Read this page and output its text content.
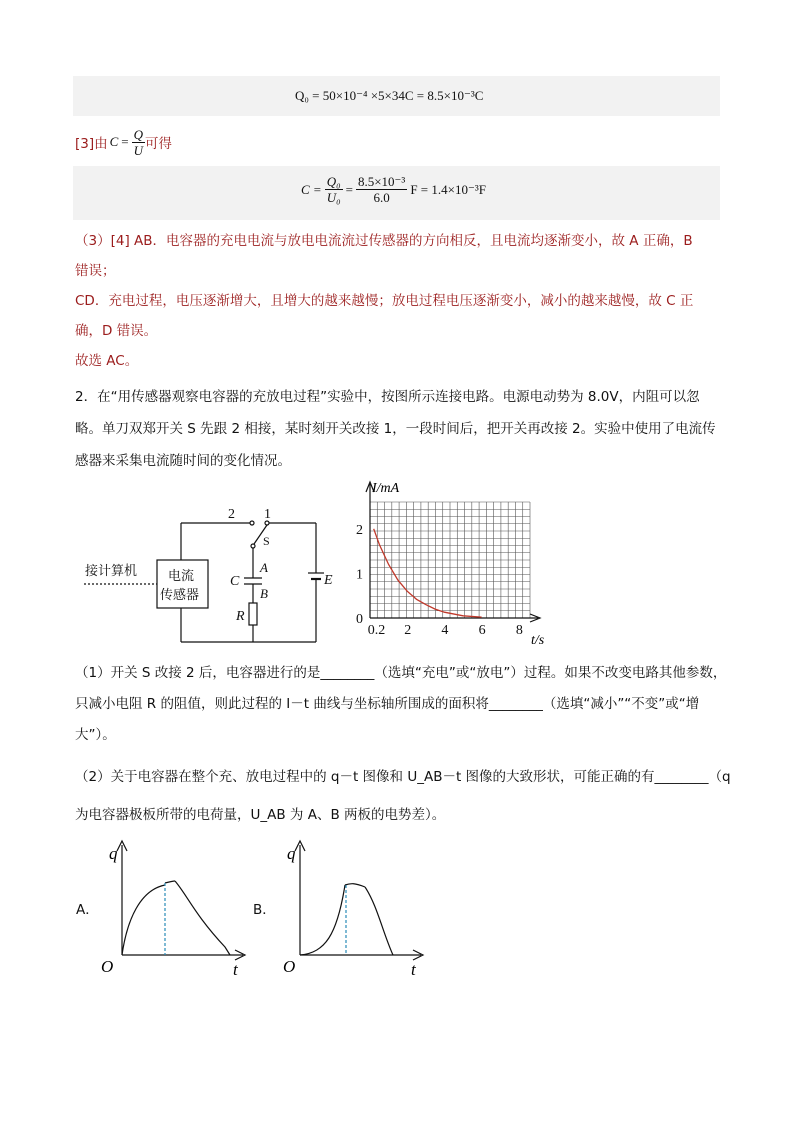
Q₀ = 50×10⁻⁴ ×5×34C = 8.5×10⁻³C
[3]由 $C = \frac{Q}{U}$ 可得
$C = \frac{\text{Q₀}}{\text{U₀}} = \frac{\text{8.5×10⁻³}}{6.0}$ F = 1.4×10⁻³F
（3）[4] AB．电容器的充电电流与放电电流流过传感器的方向相反，且电流均逐渐变小，故 A 正确，B
错误；
CD．充电过程，电压逐渐增大，且增大的越来越慢；放电过程电压逐渐变小，减小的越来越慢，故 C 正
确，D 错误。
故选 AC。
2．在“用传感器观察电容器的充放电过程”实验中，按图所示连接电路。电源电动势为 8.0V，内阻可以忽
略。单刀双郑开关 S 先跟 2 相接，某时刻开关改接 1，一段时间后，把开关再改接 2。实验中使用了电流传
感器来采集电流随时间的变化情况。
2 1
S
C
A
B
R
E
接计算机 电流
传感器
0.2 2 4 6 8
0
1
2
I/mA
t/s
（1）开关 S 改接 2 后，电容器进行的是________（选填“充电”或“放电”）过程。如果不改变电路其他参数，
只减小电阻 R 的阻值，则此过程的 I－t 曲线与坐标轴所围成的面积将________（选填“减小”“不变”或“增
大”）。
（2）关于电容器在整个充、放电过程中的 q－t 图像和 U_AB－t 图像的大致形状，可能正确的有________（q
为电容器极板所带的电荷量，U_AB 为 A、B 两板的电势差）。
A．
q
t
O
B．
q
t
O
